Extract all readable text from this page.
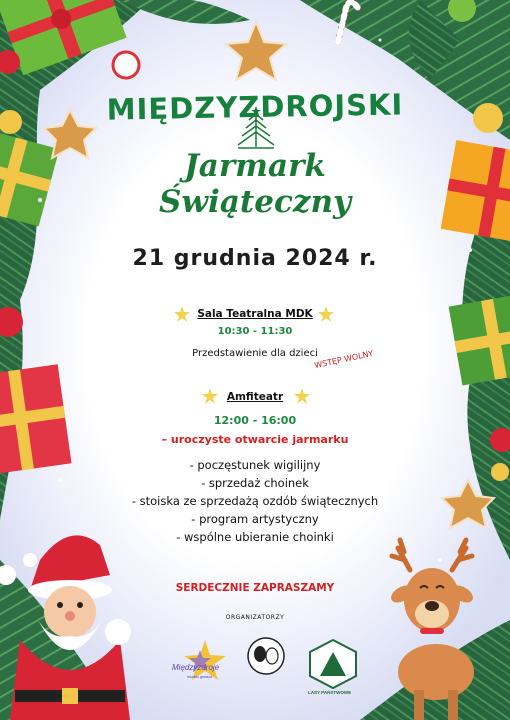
MIĘDZYZDROJSKI
Jarmark
Świąteczny
21 grudnia 2024 r.
Sala Teatralna MDK
10:30 - 11:30
Przedstawienie dla dzieci
WSTĘP WOLNY
Amfiteatr
12:00 - 16:00
– uroczyste otwarcie jarmarku
- poczęstunek wigilijny
- sprzedaż choinek
- stoiska ze sprzedażą ozdób świątecznych
- program artystyczny
- wspólne ubieranie choinki
SERDECZNIE ZAPRASZAMY
ORGANIZATORZY
Międzyzdroje
miasto gwiazd
LASY PAŃSTWOWE
